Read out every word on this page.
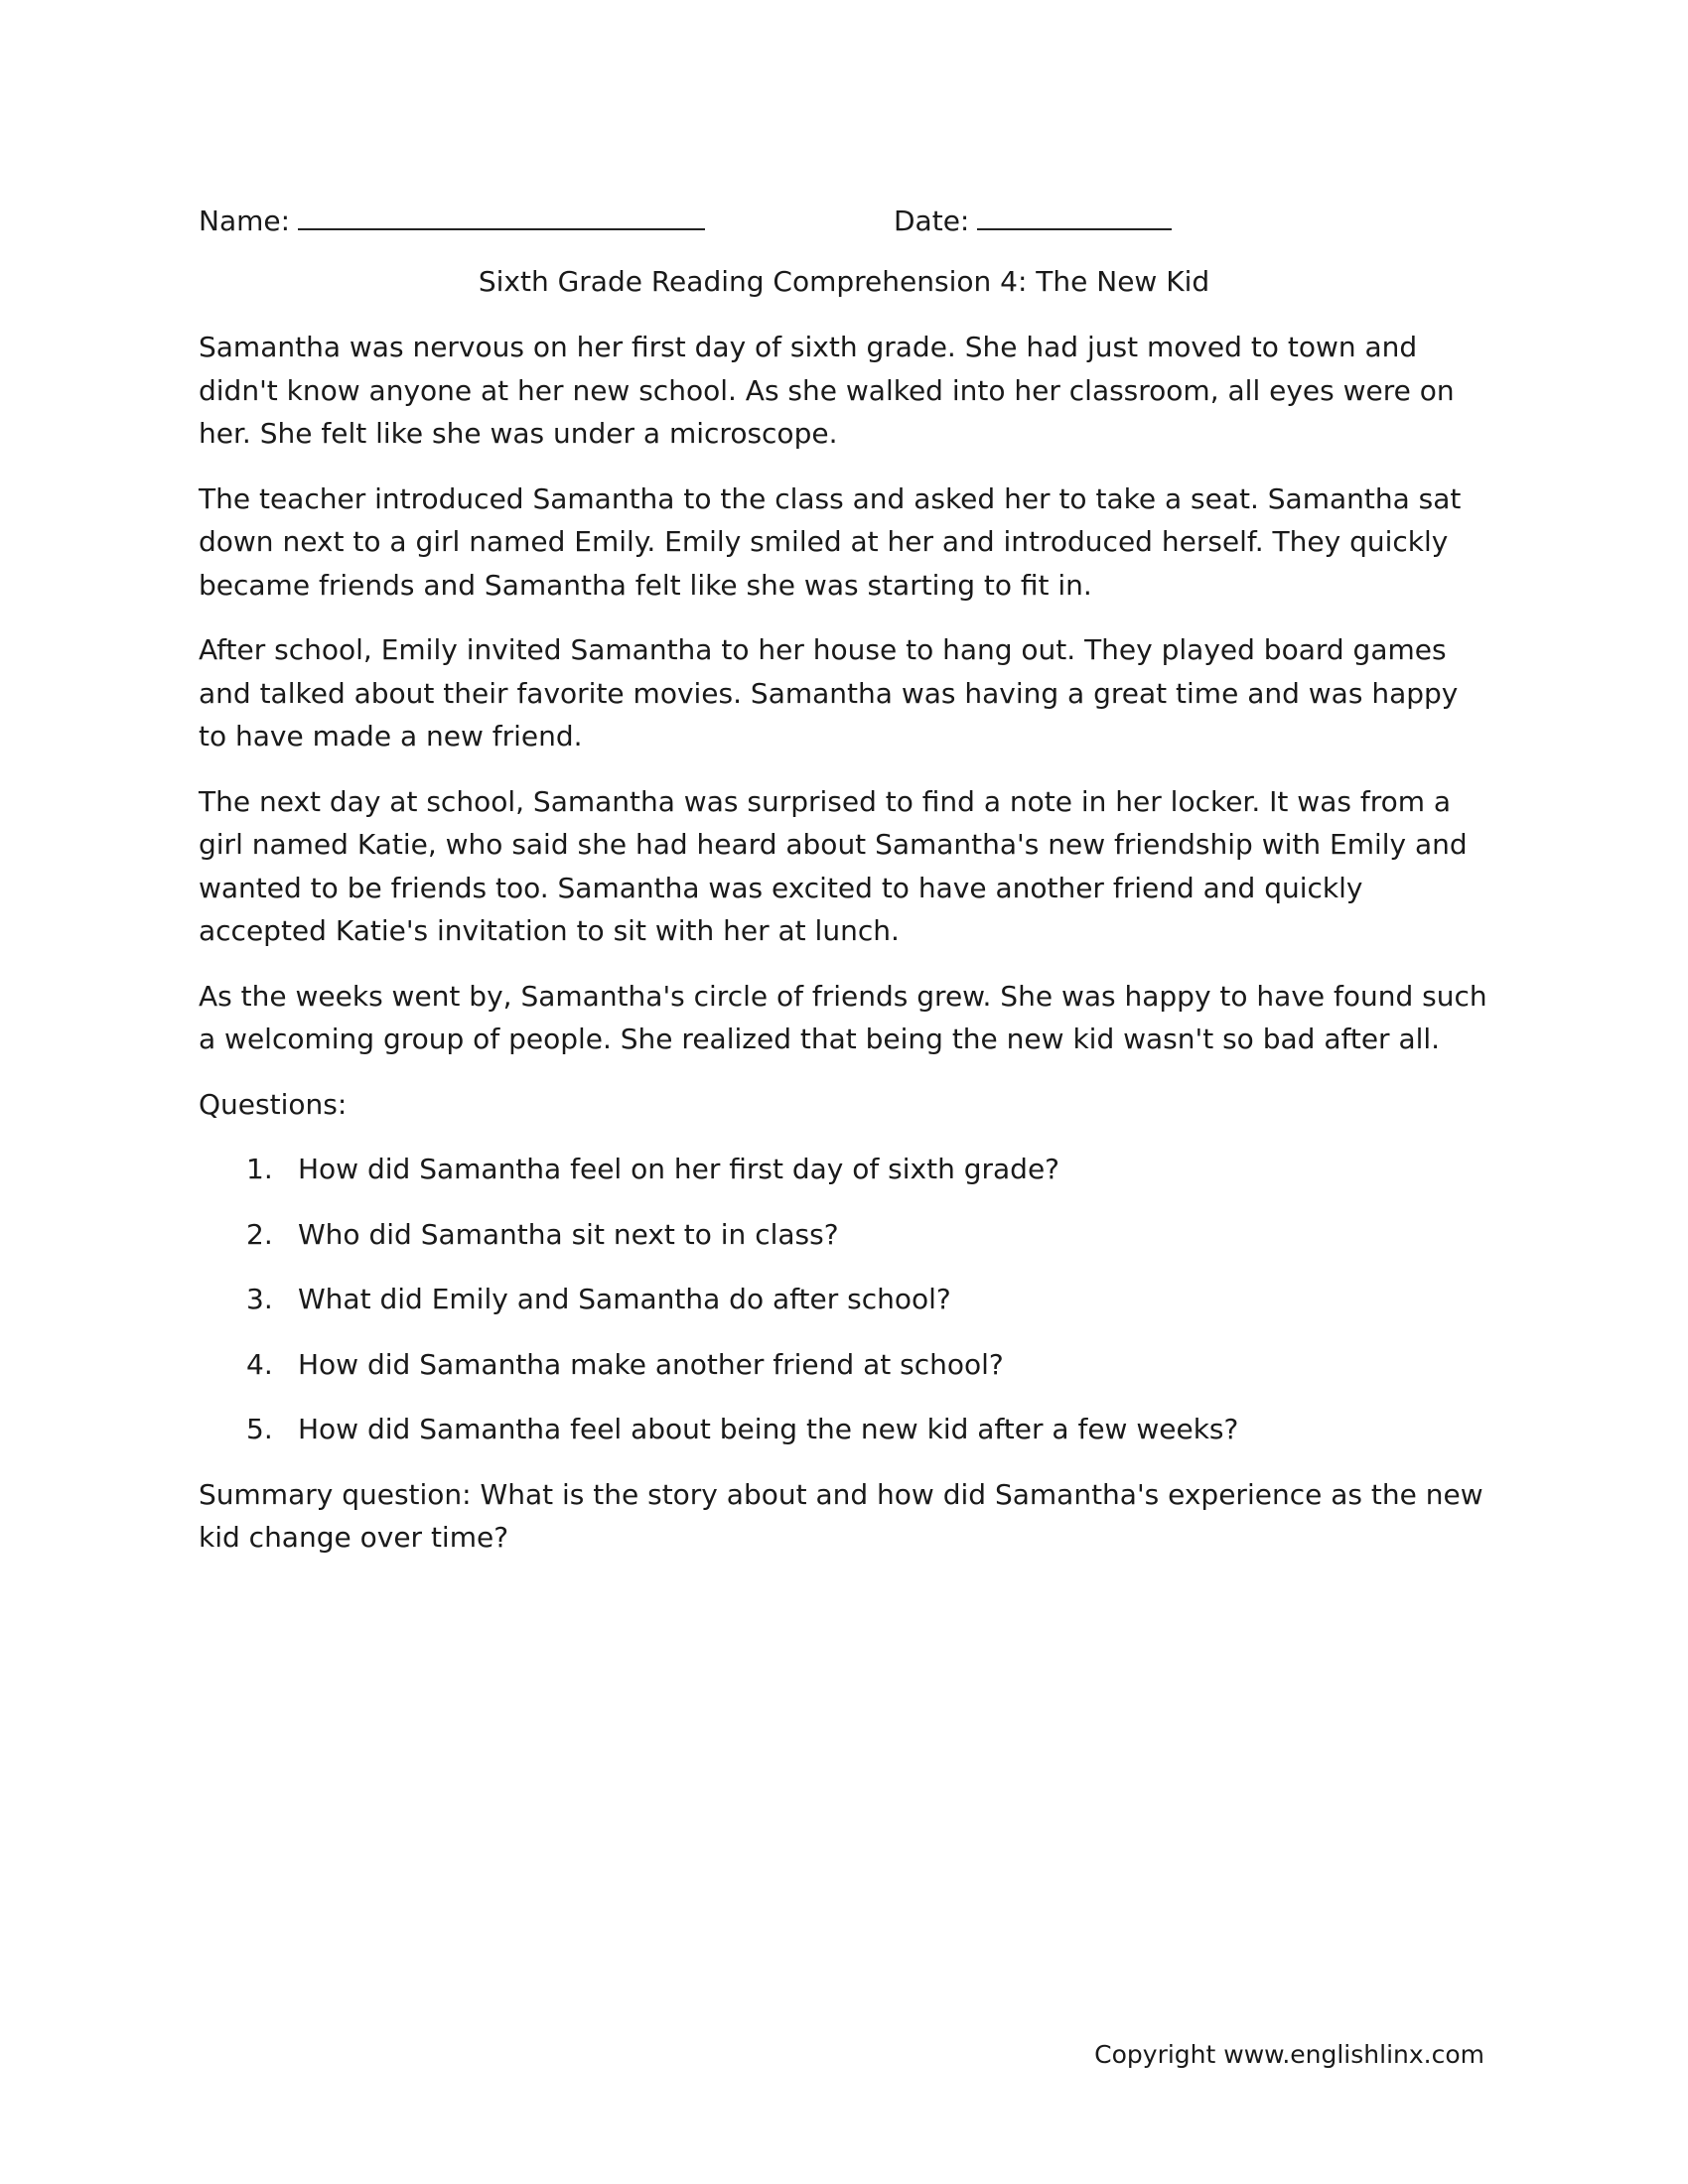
Name:	Date:
Sixth Grade Reading Comprehension 4: The New Kid

Samantha was nervous on her first day of sixth grade. She had just moved to town and didn't know anyone at her new school. As she walked into her classroom, all eyes were on her. She felt like she was under a microscope.

The teacher introduced Samantha to the class and asked her to take a seat. Samantha sat down next to a girl named Emily. Emily smiled at her and introduced herself. They quickly became friends and Samantha felt like she was starting to fit in.

After school, Emily invited Samantha to her house to hang out. They played board games and talked about their favorite movies. Samantha was having a great time and was happy to have made a new friend.

The next day at school, Samantha was surprised to find a note in her locker. It was from a girl named Katie, who said she had heard about Samantha's new friendship with Emily and wanted to be friends too. Samantha was excited to have another friend and quickly accepted Katie's invitation to sit with her at lunch.

As the weeks went by, Samantha's circle of friends grew. She was happy to have found such a welcoming group of people. She realized that being the new kid wasn't so bad after all.

Questions:
1. How did Samantha feel on her first day of sixth grade?
2. Who did Samantha sit next to in class?
3. What did Emily and Samantha do after school?
4. How did Samantha make another friend at school?
5. How did Samantha feel about being the new kid after a few weeks?

Summary question: What is the story about and how did Samantha's experience as the new kid change over time?

Copyright www.englishlinx.com
